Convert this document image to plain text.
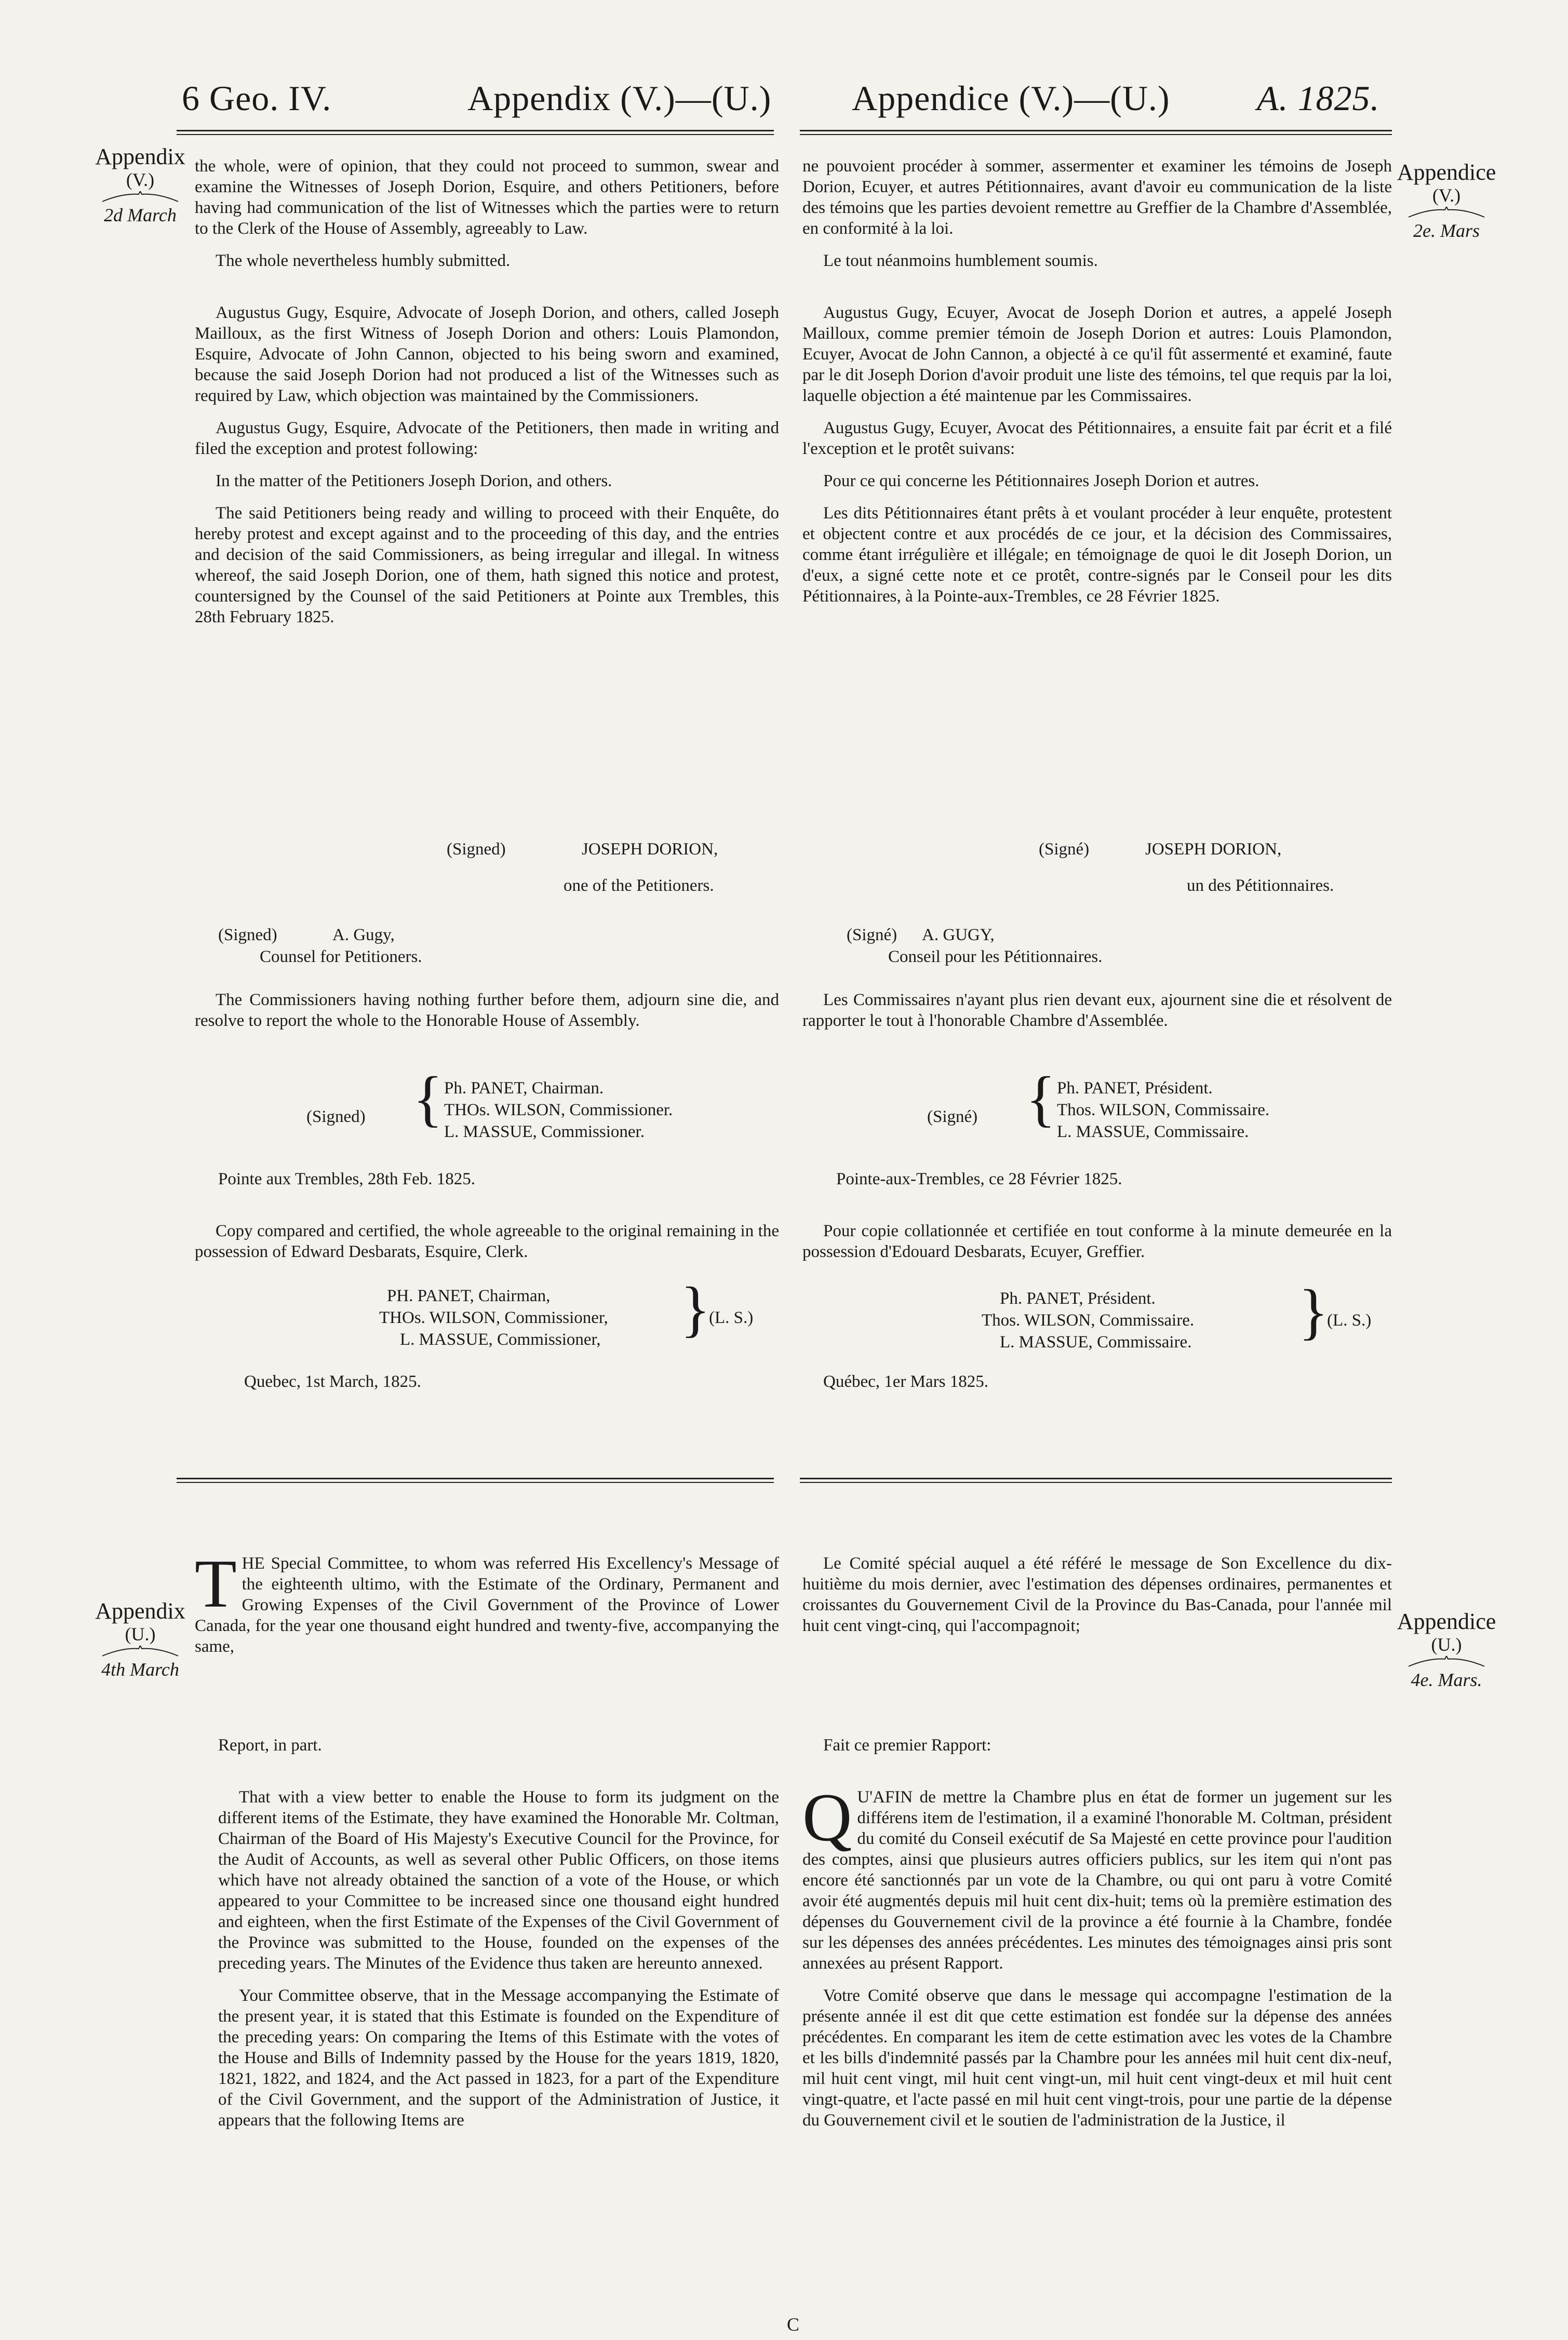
6 Geo. IV.	Appendix (V.)—(U.) Appendice (V.)—(U.) A. 1825.
Appendix
(V.)
2d March
Appendice
(V.)
2e. Mars

the whole, were of opinion, that they could not proceed to summon, swear and examine the Witnesses of Joseph Dorion, Esquire, and others Petitioners, before having had communication of the list of Witnesses which the parties were to return to the Clerk of the House of Assembly, agreeably to Law.

The whole nevertheless humbly submitted.

Augustus Gugy, Esquire, Advocate of Joseph Dorion, and others, called Joseph Mailloux, as the first Witness of Joseph Dorion and others: Louis Plamondon, Esquire, Advocate of John Cannon, objected to his being sworn and examined, because the said Joseph Dorion had not produced a list of the Witnesses such as required by Law, which objection was maintained by the Commissioners.

Augustus Gugy, Esquire, Advocate of the Petitioners, then made in writing and filed the exception and protest following:

In the matter of the Petitioners Joseph Dorion, and others.

The said Petitioners being ready and willing to proceed with their Enquête, do hereby protest and except against and to the proceeding of this day, and the entries and decision of the said Commissioners, as being irregular and illegal. In witness whereof, the said Joseph Dorion, one of them, hath signed this notice and protest, countersigned by the Counsel of the said Petitioners at Pointe aux Trembles, this 28th February 1825.

(Signed)	JOSEPH DORION,
one of the Petitioners.
(Signed)	A. Gugy,
Counsel for Petitioners.

The Commissioners having nothing further before them, adjourn sine die, and resolve to report the whole to the Honorable House of Assembly.

(Signed) { Ph. PANET, Chairman.
THOs. WILSON, Commissioner.
L. MASSUE, Commissioner.
Pointe aux Trembles, 28th Feb. 1825.

Copy compared and certified, the whole agreeable to the original remaining in the possession of Edward Desbarats, Esquire, Clerk.

PH. PANET, Chairman,
THOs. WILSON, Commissioner,
L. MASSUE, Commissioner, }
(L. S.)
Quebec, 1st March, 1825.

ne pouvoient procéder à sommer, assermenter et examiner les témoins de Joseph Dorion, Ecuyer, et autres Pétitionnaires, avant d'avoir eu communication de la liste des témoins que les parties devoient remettre au Greffier de la Chambre d'Assemblée, en conformité à la loi.

Le tout néanmoins humblement soumis.

Augustus Gugy, Ecuyer, Avocat de Joseph Dorion et autres, a appelé Joseph Mailloux, comme premier témoin de Joseph Dorion et autres: Louis Plamondon, Ecuyer, Avocat de John Cannon, a objecté à ce qu'il fût assermenté et examiné, faute par le dit Joseph Dorion d'avoir produit une liste des témoins, tel que requis par la loi, laquelle objection a été maintenue par les Commissaires.

Augustus Gugy, Ecuyer, Avocat des Pétitionnaires, a ensuite fait par écrit et a filé l'exception et le protêt suivans:

Pour ce qui concerne les Pétitionnaires Joseph Dorion et autres.

Les dits Pétitionnaires étant prêts à et voulant procéder à leur enquête, protestent et objectent contre et aux procédés de ce jour, et la décision des Commissaires, comme étant irrégulière et illégale; en témoignage de quoi le dit Joseph Dorion, un d'eux, a signé cette note et ce protêt, contre-signés par le Conseil pour les dits Pétitionnaires, à la Pointe-aux-Trembles, ce 28 Février 1825.

(Signé)	JOSEPH DORION,
un des Pétitionnaires.
(Signé) A. GUGY,
Conseil pour les Pétitionnaires.

Les Commissaires n'ayant plus rien devant eux, ajournent sine die et résolvent de rapporter le tout à l'honorable Chambre d'Assemblée.

(Signé) { Ph. PANET, Président.
Thos. WILSON, Commissaire.
L. MASSUE, Commissaire.
Pointe-aux-Trembles, ce 28 Février 1825.

Pour copie collationnée et certifiée en tout conforme à la minute demeurée en la possession d'Edouard Desbarats, Ecuyer, Greffier.

Ph. PANET, Président.
Thos. WILSON, Commissaire.
L. MASSUE, Commissaire. }
(L. S.)
Québec, 1er Mars 1825.
Appendix
(U.)
4th March
Appendice
(U.)
4e. Mars.

THE Special Committee, to whom was referred His Excellency's Message of the eighteenth ultimo, with the Estimate of the Ordinary, Permanent and Growing Expenses of the Civil Government of the Province of Lower Canada, for the year one thousand eight hundred and twenty-five, accompanying the same,

Report, in part.

That with a view better to enable the House to form its judgment on the different items of the Estimate, they have examined the Honorable Mr. Coltman, Chairman of the Board of His Majesty's Executive Council for the Province, for the Audit of Accounts, as well as several other Public Officers, on those items which have not already obtained the sanction of a vote of the House, or which appeared to your Committee to be increased since one thousand eight hundred and eighteen, when the first Estimate of the Expenses of the Civil Government of the Province was submitted to the House, founded on the expenses of the preceding years. The Minutes of the Evidence thus taken are hereunto annexed.

Your Committee observe, that in the Message accompanying the Estimate of the present year, it is stated that this Estimate is founded on the Expenditure of the preceding years: On comparing the Items of this Estimate with the votes of the House and Bills of Indemnity passed by the House for the years 1819, 1820, 1821, 1822, and 1824, and the Act passed in 1823, for a part of the Expenditure of the Civil Government, and the support of the Administration of Justice, it appears that the following Items are

Le Comité spécial auquel a été référé le message de Son Excellence du dix-huitième du mois dernier, avec l'estimation des dépenses ordinaires, permanentes et croissantes du Gouvernement Civil de la Province du Bas-Canada, pour l'année mil huit cent vingt-cinq, qui l'accompagnoit;

Fait ce premier Rapport:

Q U'AFIN de mettre la Chambre plus en état de former un jugement sur les différens item de l'estimation, il a examiné l'honorable M. Coltman, président du comité du Conseil exécutif de Sa Majesté en cette province pour l'audition des comptes, ainsi que plusieurs autres officiers publics, sur les item qui n'ont pas encore été sanctionnés par un vote de la Chambre, ou qui ont paru à votre Comité avoir été augmentés depuis mil huit cent dix-huit; tems où la première estimation des dépenses du Gouvernement civil de la province a été fournie à la Chambre, fondée sur les dépenses des années précédentes. Les minutes des témoignages ainsi pris sont annexées au présent Rapport.

Votre Comité observe que dans le message qui accompagne l'estimation de la présente année il est dit que cette estimation est fondée sur la dépense des années précédentes. En comparant les item de cette estimation avec les votes de la Chambre et les bills d'indemnité passés par la Chambre pour les années mil huit cent dix-neuf, mil huit cent vingt, mil huit cent vingt-un, mil huit cent vingt-deux et mil huit cent vingt-quatre, et l'acte passé en mil huit cent vingt-trois, pour une partie de la dépense du Gouvernement civil et le soutien de l'administration de la Justice, il

C
